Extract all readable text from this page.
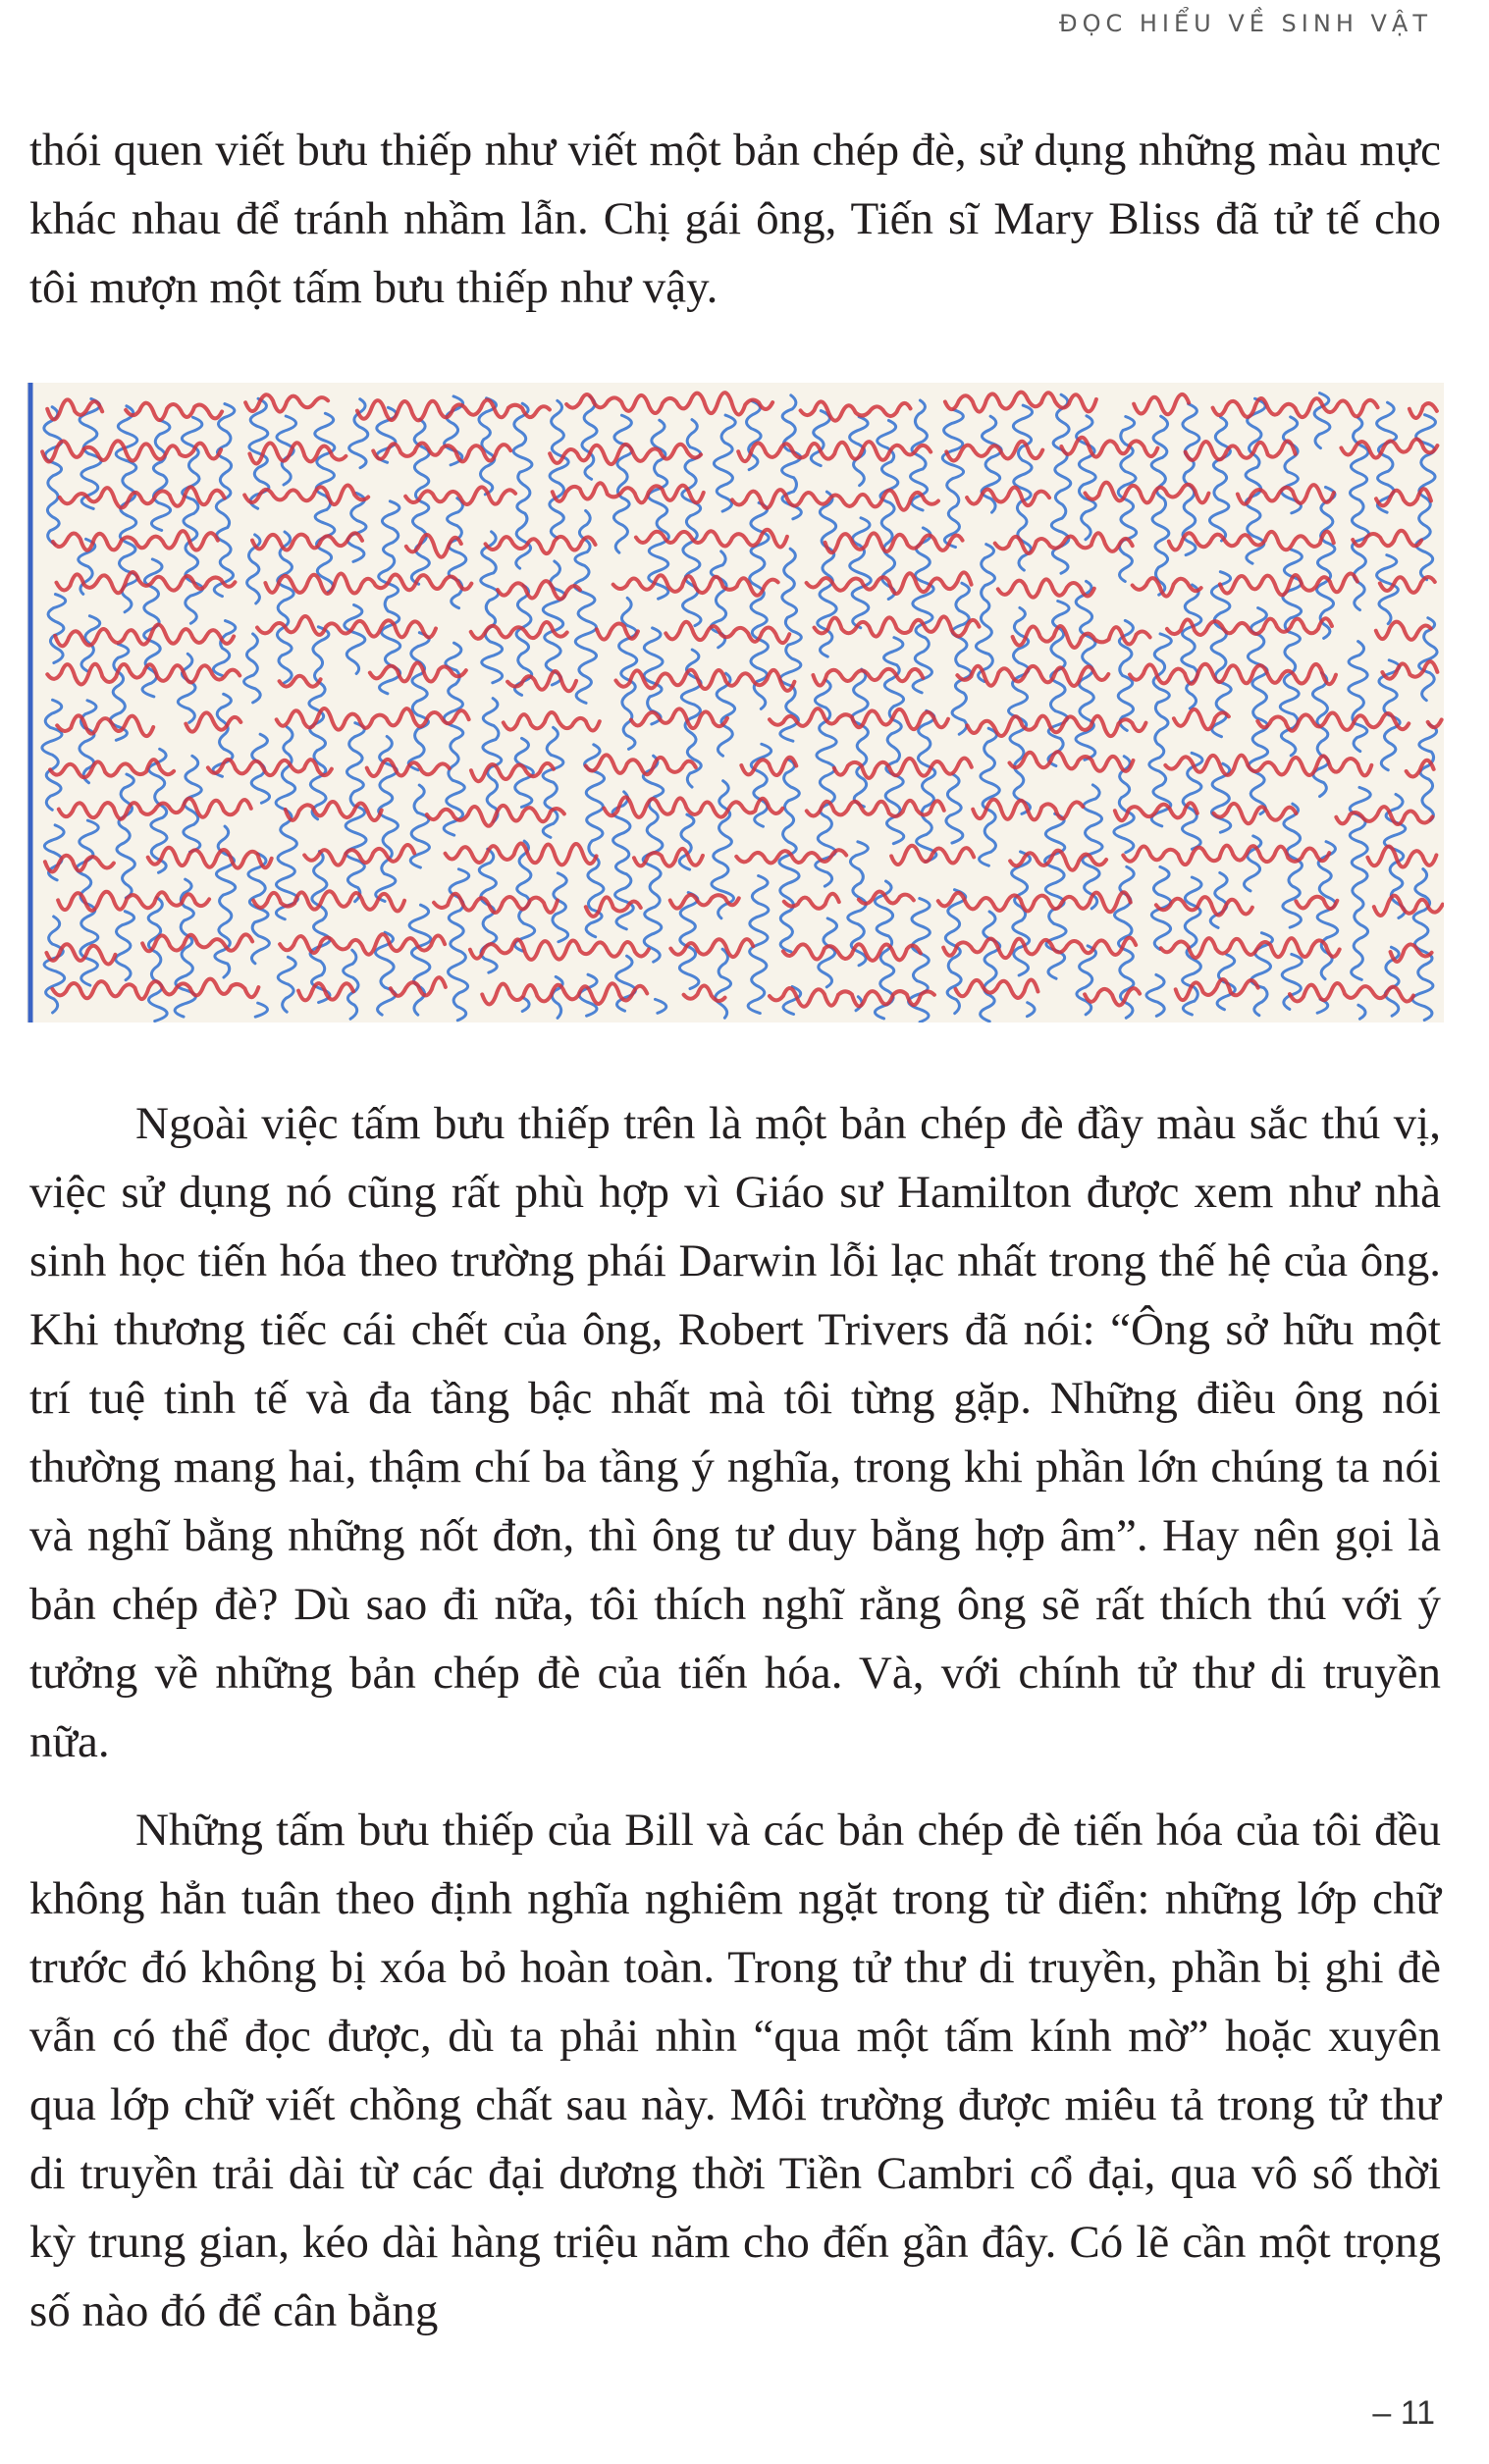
ĐỌC HIỂU VỀ SINH VẬT

thói quen viết bưu thiếp như viết một bản chép đè, sử dụng những màu mực khác nhau để tránh nhầm lẫn. Chị gái ông, Tiến sĩ Mary Bliss đã tử tế cho tôi mượn một tấm bưu thiếp như vậy.

Ngoài việc tấm bưu thiếp trên là một bản chép đè đầy màu sắc thú vị, việc sử dụng nó cũng rất phù hợp vì Giáo sư Hamilton được xem như nhà sinh học tiến hóa theo trường phái Darwin lỗi lạc nhất trong thế hệ của ông. Khi thương tiếc cái chết của ông, Robert Trivers đã nói: “Ông sở hữu một trí tuệ tinh tế và đa tầng bậc nhất mà tôi từng gặp. Những điều ông nói thường mang hai, thậm chí ba tầng ý nghĩa, trong khi phần lớn chúng ta nói và nghĩ bằng những nốt đơn, thì ông tư duy bằng hợp âm”. Hay nên gọi là bản chép đè? Dù sao đi nữa, tôi thích nghĩ rằng ông sẽ rất thích thú với ý tưởng về những bản chép đè của tiến hóa. Và, với chính tử thư di truyền nữa.

Những tấm bưu thiếp của Bill và các bản chép đè tiến hóa của tôi đều không hẳn tuân theo định nghĩa nghiêm ngặt trong từ điển: những lớp chữ trước đó không bị xóa bỏ hoàn toàn. Trong tử thư di truyền, phần bị ghi đè vẫn có thể đọc được, dù ta phải nhìn “qua một tấm kính mờ” hoặc xuyên qua lớp chữ viết chồng chất sau này. Môi trường được miêu tả trong tử thư di truyền trải dài từ các đại dương thời Tiền Cambri cổ đại, qua vô số thời kỳ trung gian, kéo dài hàng triệu năm cho đến gần đây. Có lẽ cần một trọng số nào đó để cân bằng

– 11
